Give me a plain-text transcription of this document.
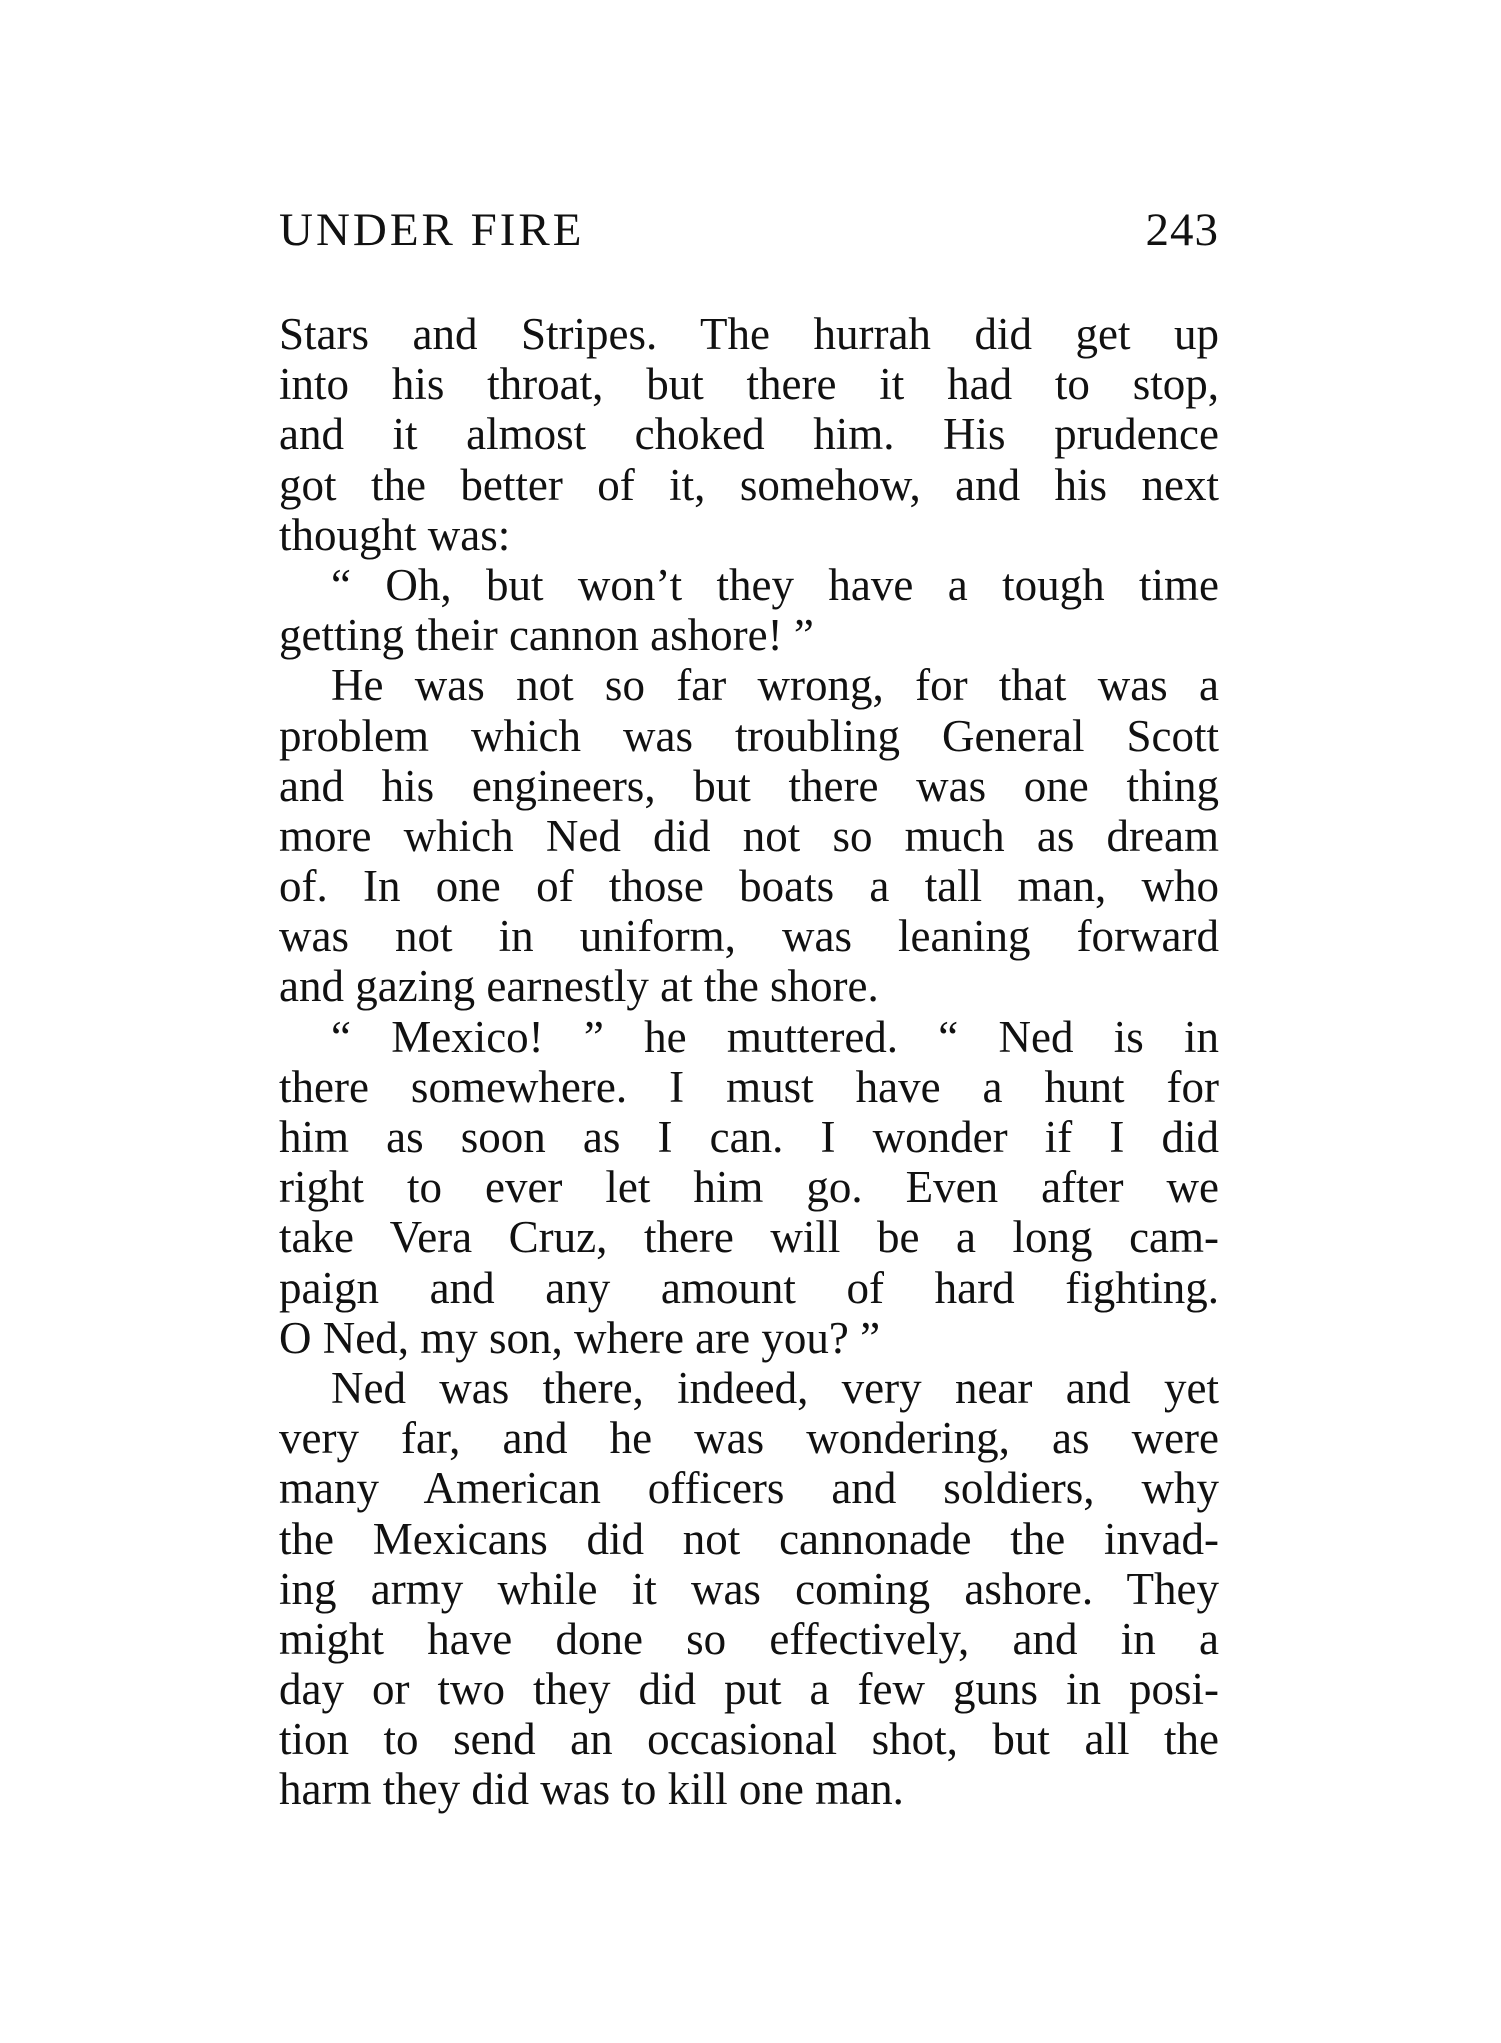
UNDER FIRE	243
Stars and Stripes. The hurrah did get up
into his throat, but there it had to stop,
and it almost choked him. His prudence
got the better of it, somehow, and his next
thought was:
“ Oh, but won’t they have a tough time
getting their cannon ashore! ”
He was not so far wrong, for that was a
problem which was troubling General Scott
and his engineers, but there was one thing
more which Ned did not so much as dream
of. In one of those boats a tall man, who
was not in uniform, was leaning forward
and gazing earnestly at the shore.
“ Mexico! ” he muttered. “ Ned is in
there somewhere. I must have a hunt for
him as soon as I can. I wonder if I did
right to ever let him go. Even after we
take Vera Cruz, there will be a long cam-
paign and any amount of hard fighting.
O Ned, my son, where are you? ”
Ned was there, indeed, very near and yet
very far, and he was wondering, as were
many American officers and soldiers, why
the Mexicans did not cannonade the invad-
ing army while it was coming ashore. They
might have done so effectively, and in a
day or two they did put a few guns in posi-
tion to send an occasional shot, but all the
harm they did was to kill one man.
